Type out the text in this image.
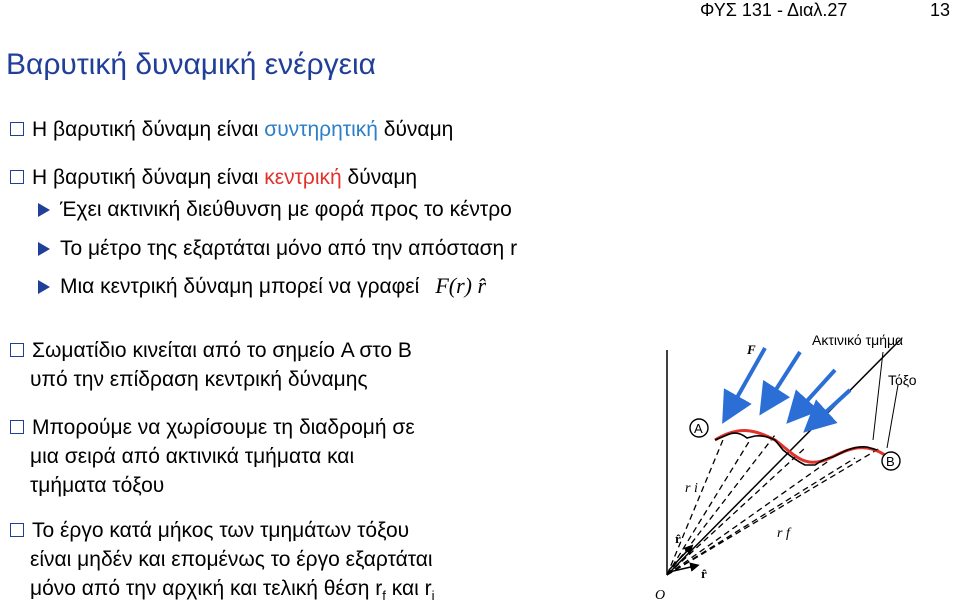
ΦΥΣ 131 - Διαλ.27	13
Βαρυτική δυναμική ενέργεια
Η βαρυτική δύναμη είναι συντηρητική δύναμη
Η βαρυτική δύναμη είναι κεντρική δύναμη
Έχει ακτινική διεύθυνση με φορά προς το κέντρο
Το μέτρο της εξαρτάται μόνο από την απόσταση r
Μια κεντρική δύναμη μπορεί να γραφεί F(r) r̂
Σωματίδιο κινείται από το σημείο A στο B
υπό την επίδραση κεντρική δύναμης
Μπορούμε να χωρίσουμε τη διαδρομή σε
μια σειρά από ακτινικά τμήματα και
τμήματα τόξου
Το έργο κατά μήκος των τμημάτων τόξου
είναι μηδέν και επομένως το έργο εξαρτάται
μόνο από την αρχική και τελική θέση $r_f$ και $r_i$
F
Ακτινικό τμήμα
Τόξο
A
B
r i
r f
r̂
r̂
O
